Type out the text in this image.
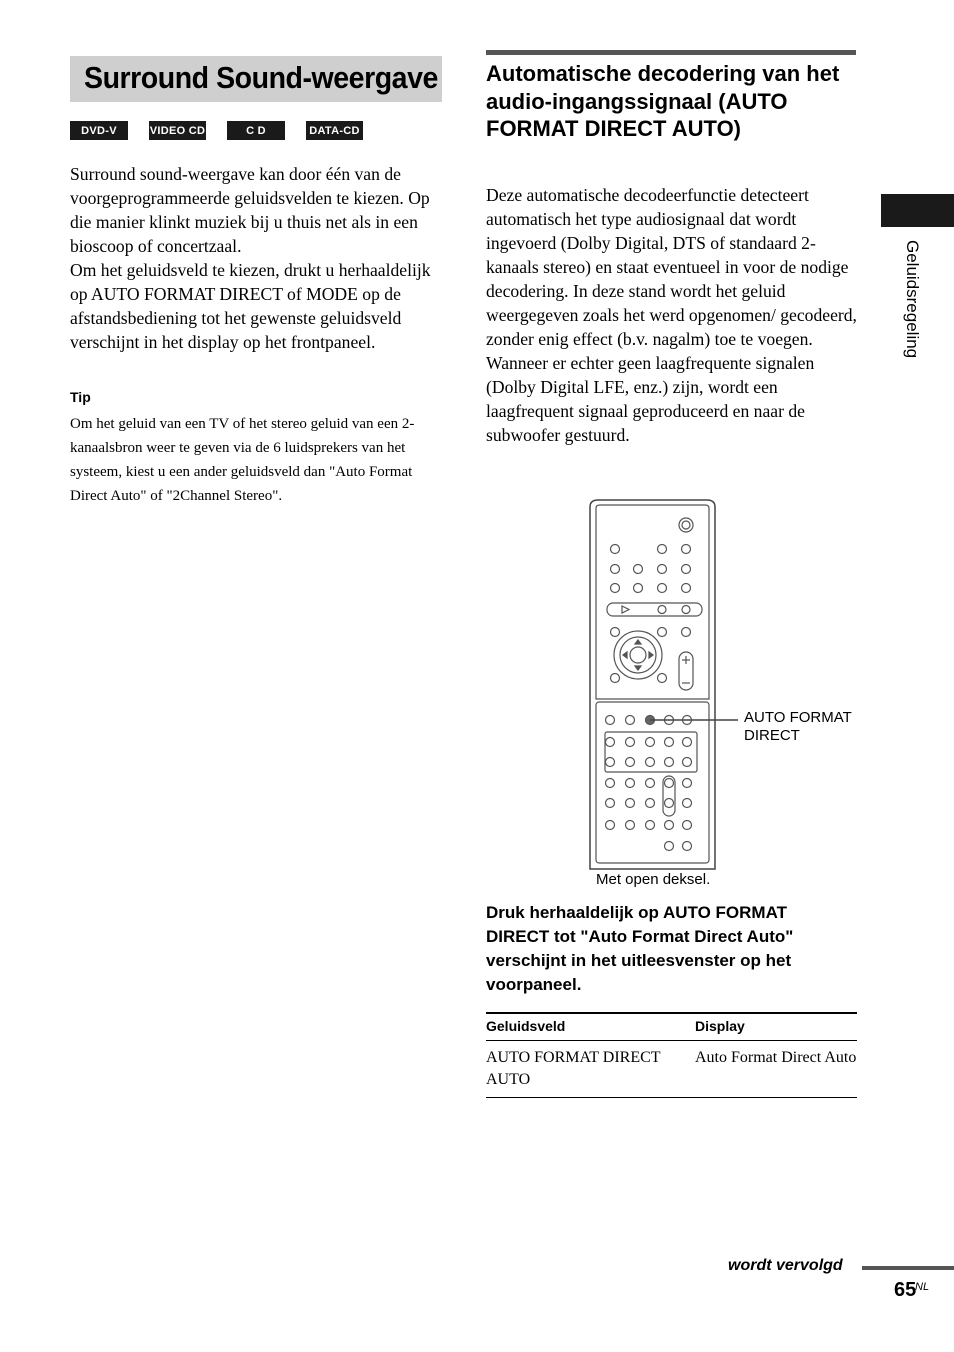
Surround Sound-weergave
DVD-V	VIDEO CD	C D	DATA-CD
Surround sound-weergave kan door één van de voorgeprogrammeerde geluidsvelden te kiezen. Op die manier klinkt muziek bij u thuis net als in een bioscoop of concertzaal.
Om het geluidsveld te kiezen, drukt u herhaaldelijk op AUTO FORMAT DIRECT of MODE op de afstandsbediening tot het gewenste geluidsveld verschijnt in het display op het frontpaneel.
Tip
Om het geluid van een TV of het stereo geluid van een 2-kanaalsbron weer te geven via de 6 luidsprekers van het systeem, kiest u een ander geluidsveld dan "Auto Format Direct Auto" of "2Channel Stereo".
Automatische decodering van het audio-ingangssignaal (AUTO FORMAT DIRECT AUTO)
Deze automatische decodeerfunctie detecteert automatisch het type audiosignaal dat wordt ingevoerd (Dolby Digital, DTS of standaard 2-kanaals stereo) en staat eventueel in voor de nodige decodering. In deze stand wordt het geluid weergegeven zoals het werd opgenomen/ gecodeerd, zonder enig effect (b.v. nagalm) toe te voegen.
Wanneer er echter geen laagfrequente signalen (Dolby Digital LFE, enz.) zijn, wordt een laagfrequent signaal geproduceerd en naar de subwoofer gestuurd.
AUTO FORMAT
DIRECT
Met open deksel.
Druk herhaaldelijk op AUTO FORMAT DIRECT tot "Auto Format Direct Auto" verschijnt in het uitleesvenster op het voorpaneel.
Geluidsveld	Display
AUTO FORMAT DIRECT AUTO	Auto Format Direct Auto
Geluidsregeling
wordt vervolgd
65
NL
